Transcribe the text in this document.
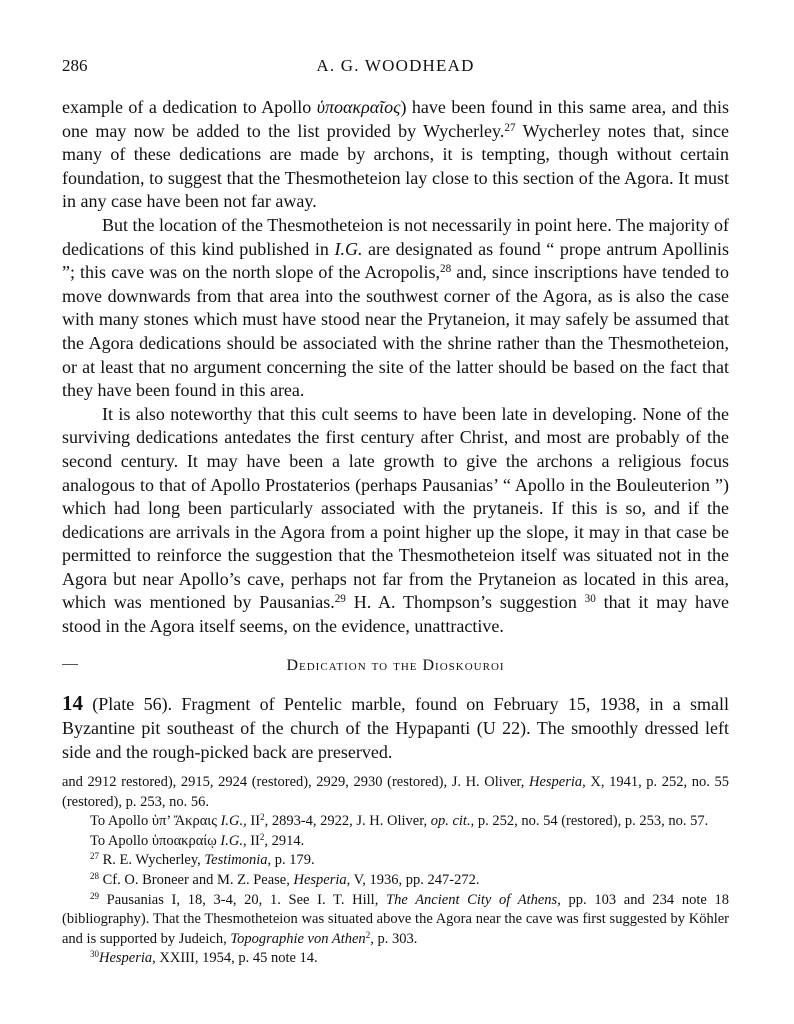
286	A. G. WOODHEAD

example of a dedication to Apollo ὑποακραῖος) have been found in this same area, and this one may now be added to the list provided by Wycherley.$^{27}$ Wycherley notes that, since many of these dedications are made by archons, it is tempting, though without certain foundation, to suggest that the Thesmotheteion lay close to this section of the Agora. It must in any case have been not far away.

But the location of the Thesmotheteion is not necessarily in point here. The majority of dedications of this kind published in I.G. are designated as found “ prope antrum Apollinis ”; this cave was on the north slope of the Acropolis,$^{28}$ and, since inscriptions have tended to move downwards from that area into the southwest corner of the Agora, as is also the case with many stones which must have stood near the Prytaneion, it may safely be assumed that the Agora dedications should be associated with the shrine rather than the Thesmotheteion, or at least that no argument concerning the site of the latter should be based on the fact that they have been found in this area.

It is also noteworthy that this cult seems to have been late in developing. None of the surviving dedications antedates the first century after Christ, and most are probably of the second century. It may have been a late growth to give the archons a religious focus analogous to that of Apollo Prostaterios (perhaps Pausanias’ “ Apollo in the Bouleuterion ”) which had long been particularly associated with the prytaneis. If this is so, and if the dedications are arrivals in the Agora from a point higher up the slope, it may in that case be permitted to reinforce the suggestion that the Thesmotheteion itself was situated not in the Agora but near Apollo’s cave, perhaps not far from the Prytaneion as located in this area, which was mentioned by Pausanias.$^{29}$ H. A. Thompson’s suggestion $^{30}$ that it may have stood in the Agora itself seems, on the evidence, unattractive.

Dedication to the Dioskouroi

14 (Plate 56). Fragment of Pentelic marble, found on February 15, 1938, in a small Byzantine pit southeast of the church of the Hypapanti (U 22). The smoothly dressed left side and the rough-picked back are preserved.

and 2912 restored), 2915, 2924 (restored), 2929, 2930 (restored), J. H. Oliver, Hesperia, X, 1941, p. 252, no. 55 (restored), p. 253, no. 56.

To Apollo ὑπ’ Ἄκραις I.G., $II^2$, 2893-4, 2922, J. H. Oliver, op. cit., p. 252, no. 54 (restored), p. 253, no. 57.

To Apollo ὑποακραίῳ I.G., $II^2$, 2914.

$^{27}$ R. E. Wycherley, Testimonia, p. 179.

$^{28}$ Cf. O. Broneer and M. Z. Pease, Hesperia, V, 1936, pp. 247-272.

$^{29}$ Pausanias I, 18, 3-4, 20, 1. See I. T. Hill, The Ancient City of Athens, pp. 103 and 234 note 18 (bibliography). That the Thesmotheteion was situated above the Agora near the cave was first suggested by Köhler and is supported by Judeich, Topographie von Athen$^2$, p. 303.

$^{30}$Hesperia, XXIII, 1954, p. 45 note 14.
